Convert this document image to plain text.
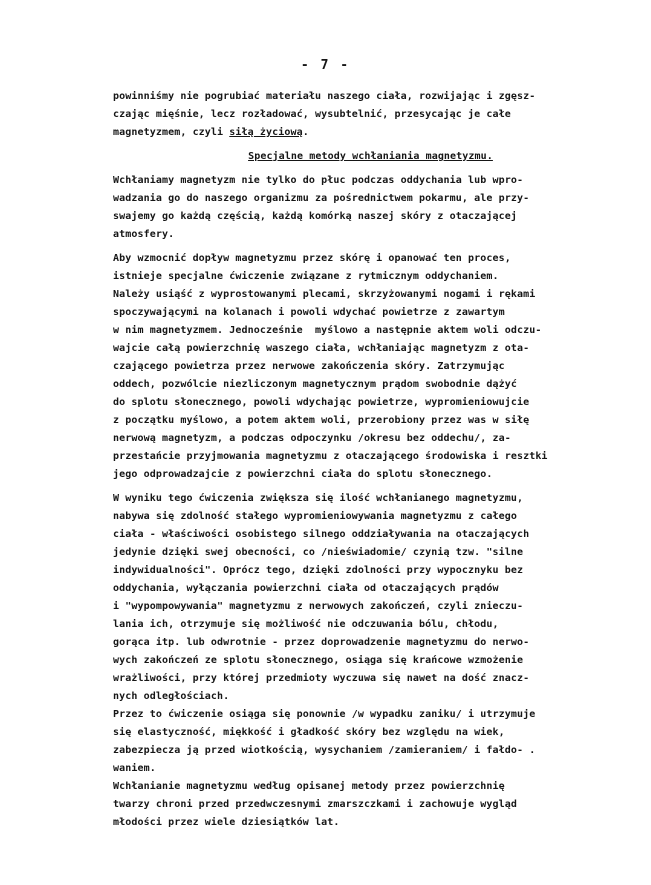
- 7 -
powinniśmy nie pogrubiać materiału naszego ciała, rozwijając i zgęsz-
czając mięśnie, lecz rozładować, wysubtelnić, przesycając je całe
magnetyzmem, czyli siłą życiową.
Specjalne metody wchłaniania magnetyzmu.
Wchłaniamy magnetyzm nie tylko do płuc podczas oddychania lub wpro-
wadzania go do naszego organizmu za pośrednictwem pokarmu, ale przy-
swajemy go każdą częścią, każdą komórką naszej skóry z otaczającej
atmosfery.
Aby wzmocnić dopływ magnetyzmu przez skórę i opanować ten proces,
istnieje specjalne ćwiczenie związane z rytmicznym oddychaniem.
Należy usiąść z wyprostowanymi plecami, skrzyżowanymi nogami i rękami
spoczywającymi na kolanach i powoli wdychać powietrze z zawartym
w nim magnetyzmem. Jednocześnie  myślowo a następnie aktem woli odczu-
wajcie całą powierzchnię waszego ciała, wchłaniając magnetyzm z ota-
czającego powietrza przez nerwowe zakończenia skóry. Zatrzymując
oddech, pozwólcie niezliczonym magnetycznym prądom swobodnie dążyć
do splotu słonecznego, powoli wdychając powietrze, wypromieniowujcie
z początku myślowo, a potem aktem woli, przerobiony przez was w siłę
nerwową magnetyzm, a podczas odpoczynku /okresu bez oddechu/, za-
przestańcie przyjmowania magnetyzmu z otaczającego środowiska i resztki
jego odprowadzajcie z powierzchni ciała do splotu słonecznego.
W wyniku tego ćwiczenia zwiększa się ilość wchłanianego magnetyzmu,
nabywa się zdolność stałego wypromieniowywania magnetyzmu z całego
ciała - właściwości osobistego silnego oddziaływania na otaczających
jedynie dzięki swej obecności, co /nieświadomie/ czynią tzw. "silne
indywidualności". Oprócz tego, dzięki zdolności przy wypocznyku bez
oddychania, wyłączania powierzchni ciała od otaczających prądów
i "wypompowywania" magnetyzmu z nerwowych zakończeń, czyli znieczu-
lania ich, otrzymuje się możliwość nie odczuwania bólu, chłodu,
gorąca itp. lub odwrotnie - przez doprowadzenie magnetyzmu do nerwo-
wych zakończeń ze splotu słonecznego, osiąga się krańcowe wzmożenie
wrażliwości, przy której przedmioty wyczuwa się nawet na dość znacz-
nych odległościach.
Przez to ćwiczenie osiąga się ponownie /w wypadku zaniku/ i utrzymuje
się elastyczność, miękkość i gładkość skóry bez względu na wiek,
zabezpiecza ją przed wiotkością, wysychaniem /zamieraniem/ i fałdo- .
waniem.
Wchłanianie magnetyzmu według opisanej metody przez powierzchnię
twarzy chroni przed przedwczesnymi zmarszczkami i zachowuje wygląd
młodości przez wiele dziesiątków lat.
